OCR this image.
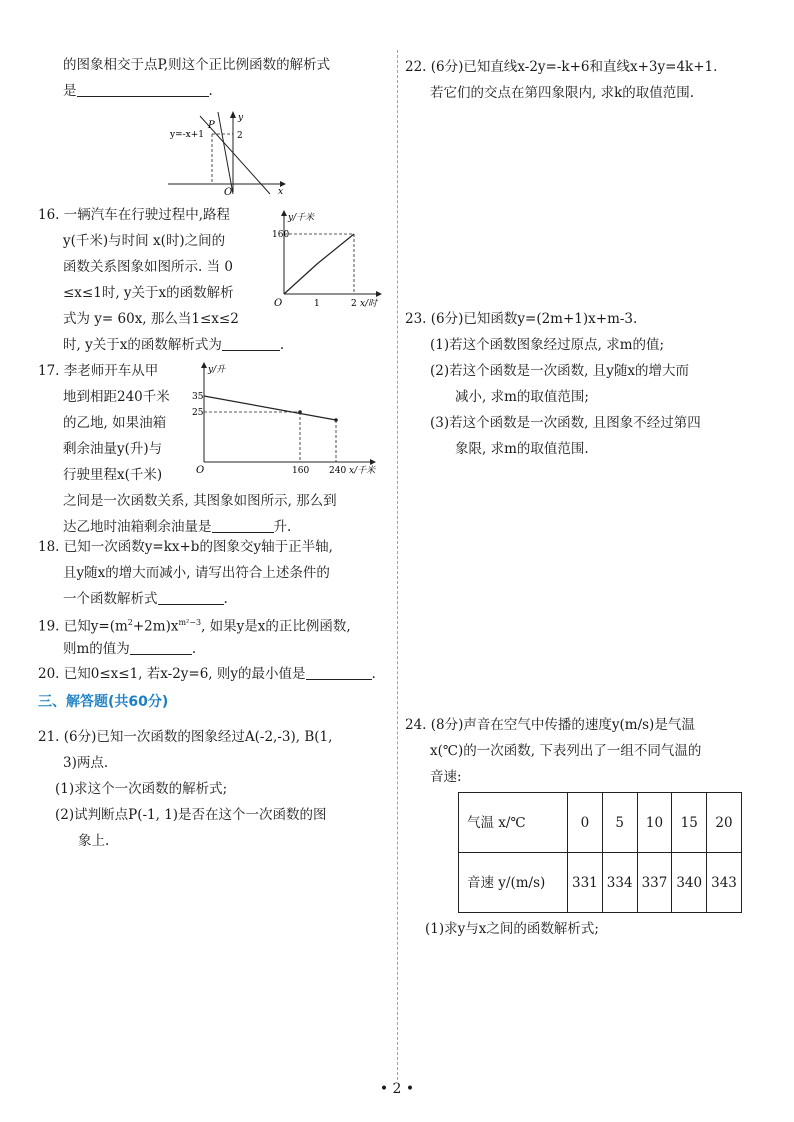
的图象相交于点P,则这个正比例函数的解析式
是	.
y=-x+1
P
2
O	x
y
16. 一辆汽车在行驶过程中,路程
y(千米)与时间 x(时)之间的
函数关系图象如图所示. 当 0
≤x≤1时, y关于x的函数解析
式为 y= 60x, 那么当1≤x≤2
时, y关于x的函数解析式为	.
y/千米
160
O	1	2 x/时
17. 李老师开车从甲
地到相距240千米
的乙地, 如果油箱
剩余油量y(升)与
行驶里程x(千米)
之间是一次函数关系, 其图象如图所示, 那么到
达乙地时油箱剩余油量是	升.
y/升
35
25
O	160 240 x/千米
18. 已知一次函数y=kx+b的图象交y轴于正半轴,
且y随x的增大而减小, 请写出符合上述条件的
一个函数解析式	.
19. 已知$y=(m^2+2m)x^{m^2-3}$, 如果y是x的正比例函数,
则m的值为	.
20. 已知0≤x≤1, 若x-2y=6, 则y的最小值是	.
三、解答题(共60分)
21. (6分)已知一次函数的图象经过A(-2,-3), B(1,
3)两点.
(1)求这个一次函数的解析式;
(2)试判断点P(-1, 1)是否在这个一次函数的图
象上.
22. (6分)已知直线x-2y=-k+6和直线x+3y=4k+1.
若它们的交点在第四象限内, 求k的取值范围.
23. (6分)已知函数y=(2m+1)x+m-3.
(1)若这个函数图象经过原点, 求m的值;
(2)若这个函数是一次函数, 且y随x的增大而
减小, 求m的取值范围;
(3)若这个函数是一次函数, 且图象不经过第四
象限, 求m的取值范围.
24. (8分)声音在空气中传播的速度y(m/s)是气温
x(℃)的一次函数, 下表列出了一组不同气温的
音速:
气温 x/℃	0	5	10	15	20
音速 y/(m/s)	331	334	337	340	343
(1)求y与x之间的函数解析式;
• 2 •
